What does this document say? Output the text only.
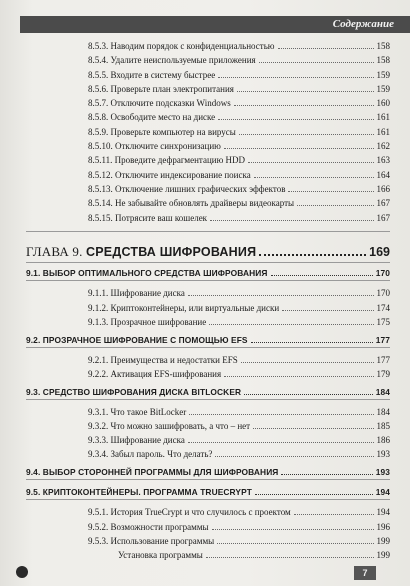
Содержание
8.5.3. Наводим порядок с конфиденциальностью	158
8.5.4. Удалите неиспользуемые приложения	158
8.5.5. Входите в систему быстрее	159
8.5.6. Проверьте план электропитания	159
8.5.7. Отключите подсказки Windows	160
8.5.8. Освободите место на диске	161
8.5.9. Проверьте компьютер на вирусы	161
8.5.10. Отключите синхронизацию	162
8.5.11. Проведите дефрагментацию HDD	163
8.5.12. Отключите индексирование поиска	164
8.5.13. Отключение лишних графических эффектов	166
8.5.14. Не забывайте обновлять драйверы видеокарты	167
8.5.15. Потрясите ваш кошелек	167
ГЛАВА 9. СРЕДСТВА ШИФРОВАНИЯ	169
9.1. ВЫБОР ОПТИМАЛЬНОГО СРЕДСТВА ШИФРОВАНИЯ	170
9.1.1. Шифрование диска	170
9.1.2. Криптоконтейнеры, или виртуальные диски	174
9.1.3. Прозрачное шифрование	175
9.2. ПРОЗРАЧНОЕ ШИФРОВАНИЕ С ПОМОЩЬЮ EFS	177
9.2.1. Преимущества и недостатки EFS	177
9.2.2. Активация EFS-шифрования	179
9.3. СРЕДСТВО ШИФРОВАНИЯ ДИСКА BITLOCKER	184
9.3.1. Что такое BitLocker	184
9.3.2. Что можно зашифровать, а что – нет	185
9.3.3. Шифрование диска	186
9.3.4. Забыл пароль. Что делать?	193
9.4. ВЫБОР СТОРОННЕЙ ПРОГРАММЫ ДЛЯ ШИФРОВАНИЯ	193
9.5. КРИПТОКОНТЕЙНЕРЫ. ПРОГРАММА TRUECRYPT	194
9.5.1. История TrueCrypt и что случилось с проектом	194
9.5.2. Возможности программы	196
9.5.3. Использование программы	199
Установка программы	199
7
